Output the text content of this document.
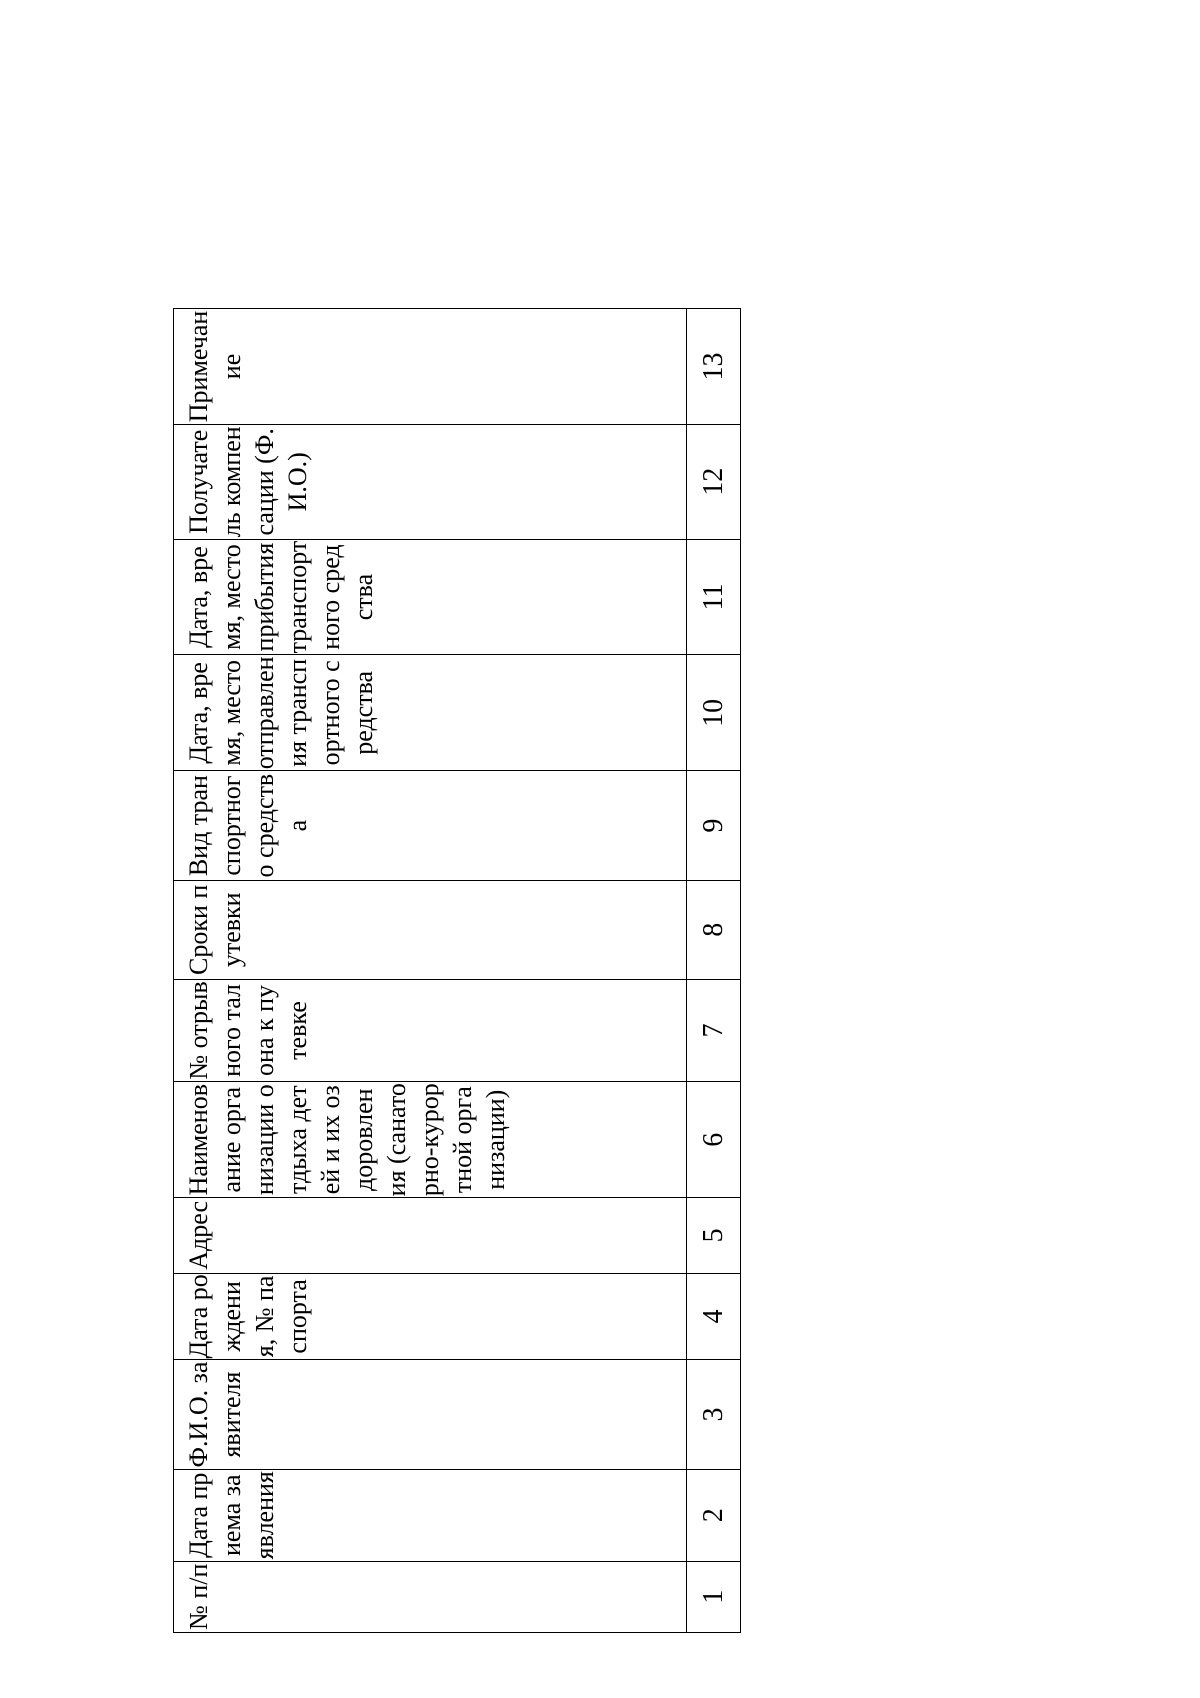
№ п/п	Дата приема заявления	Ф.И.О. заявителя	Дата рождения, № паспорта	Адрес	Наименование организации отдыха детей и их оздоровления (санаторно-курортной организации)	№ отрывного талона к путевке	Сроки путевки	Вид транспортного средства	Дата, время, место отправления транспортного средства	Дата, время, место прибытия транспортного средства	Получатель компенсации (Ф.И.О.)	Примечание
1	2	3	4	5	6	7	8	9	10	11	12	13
